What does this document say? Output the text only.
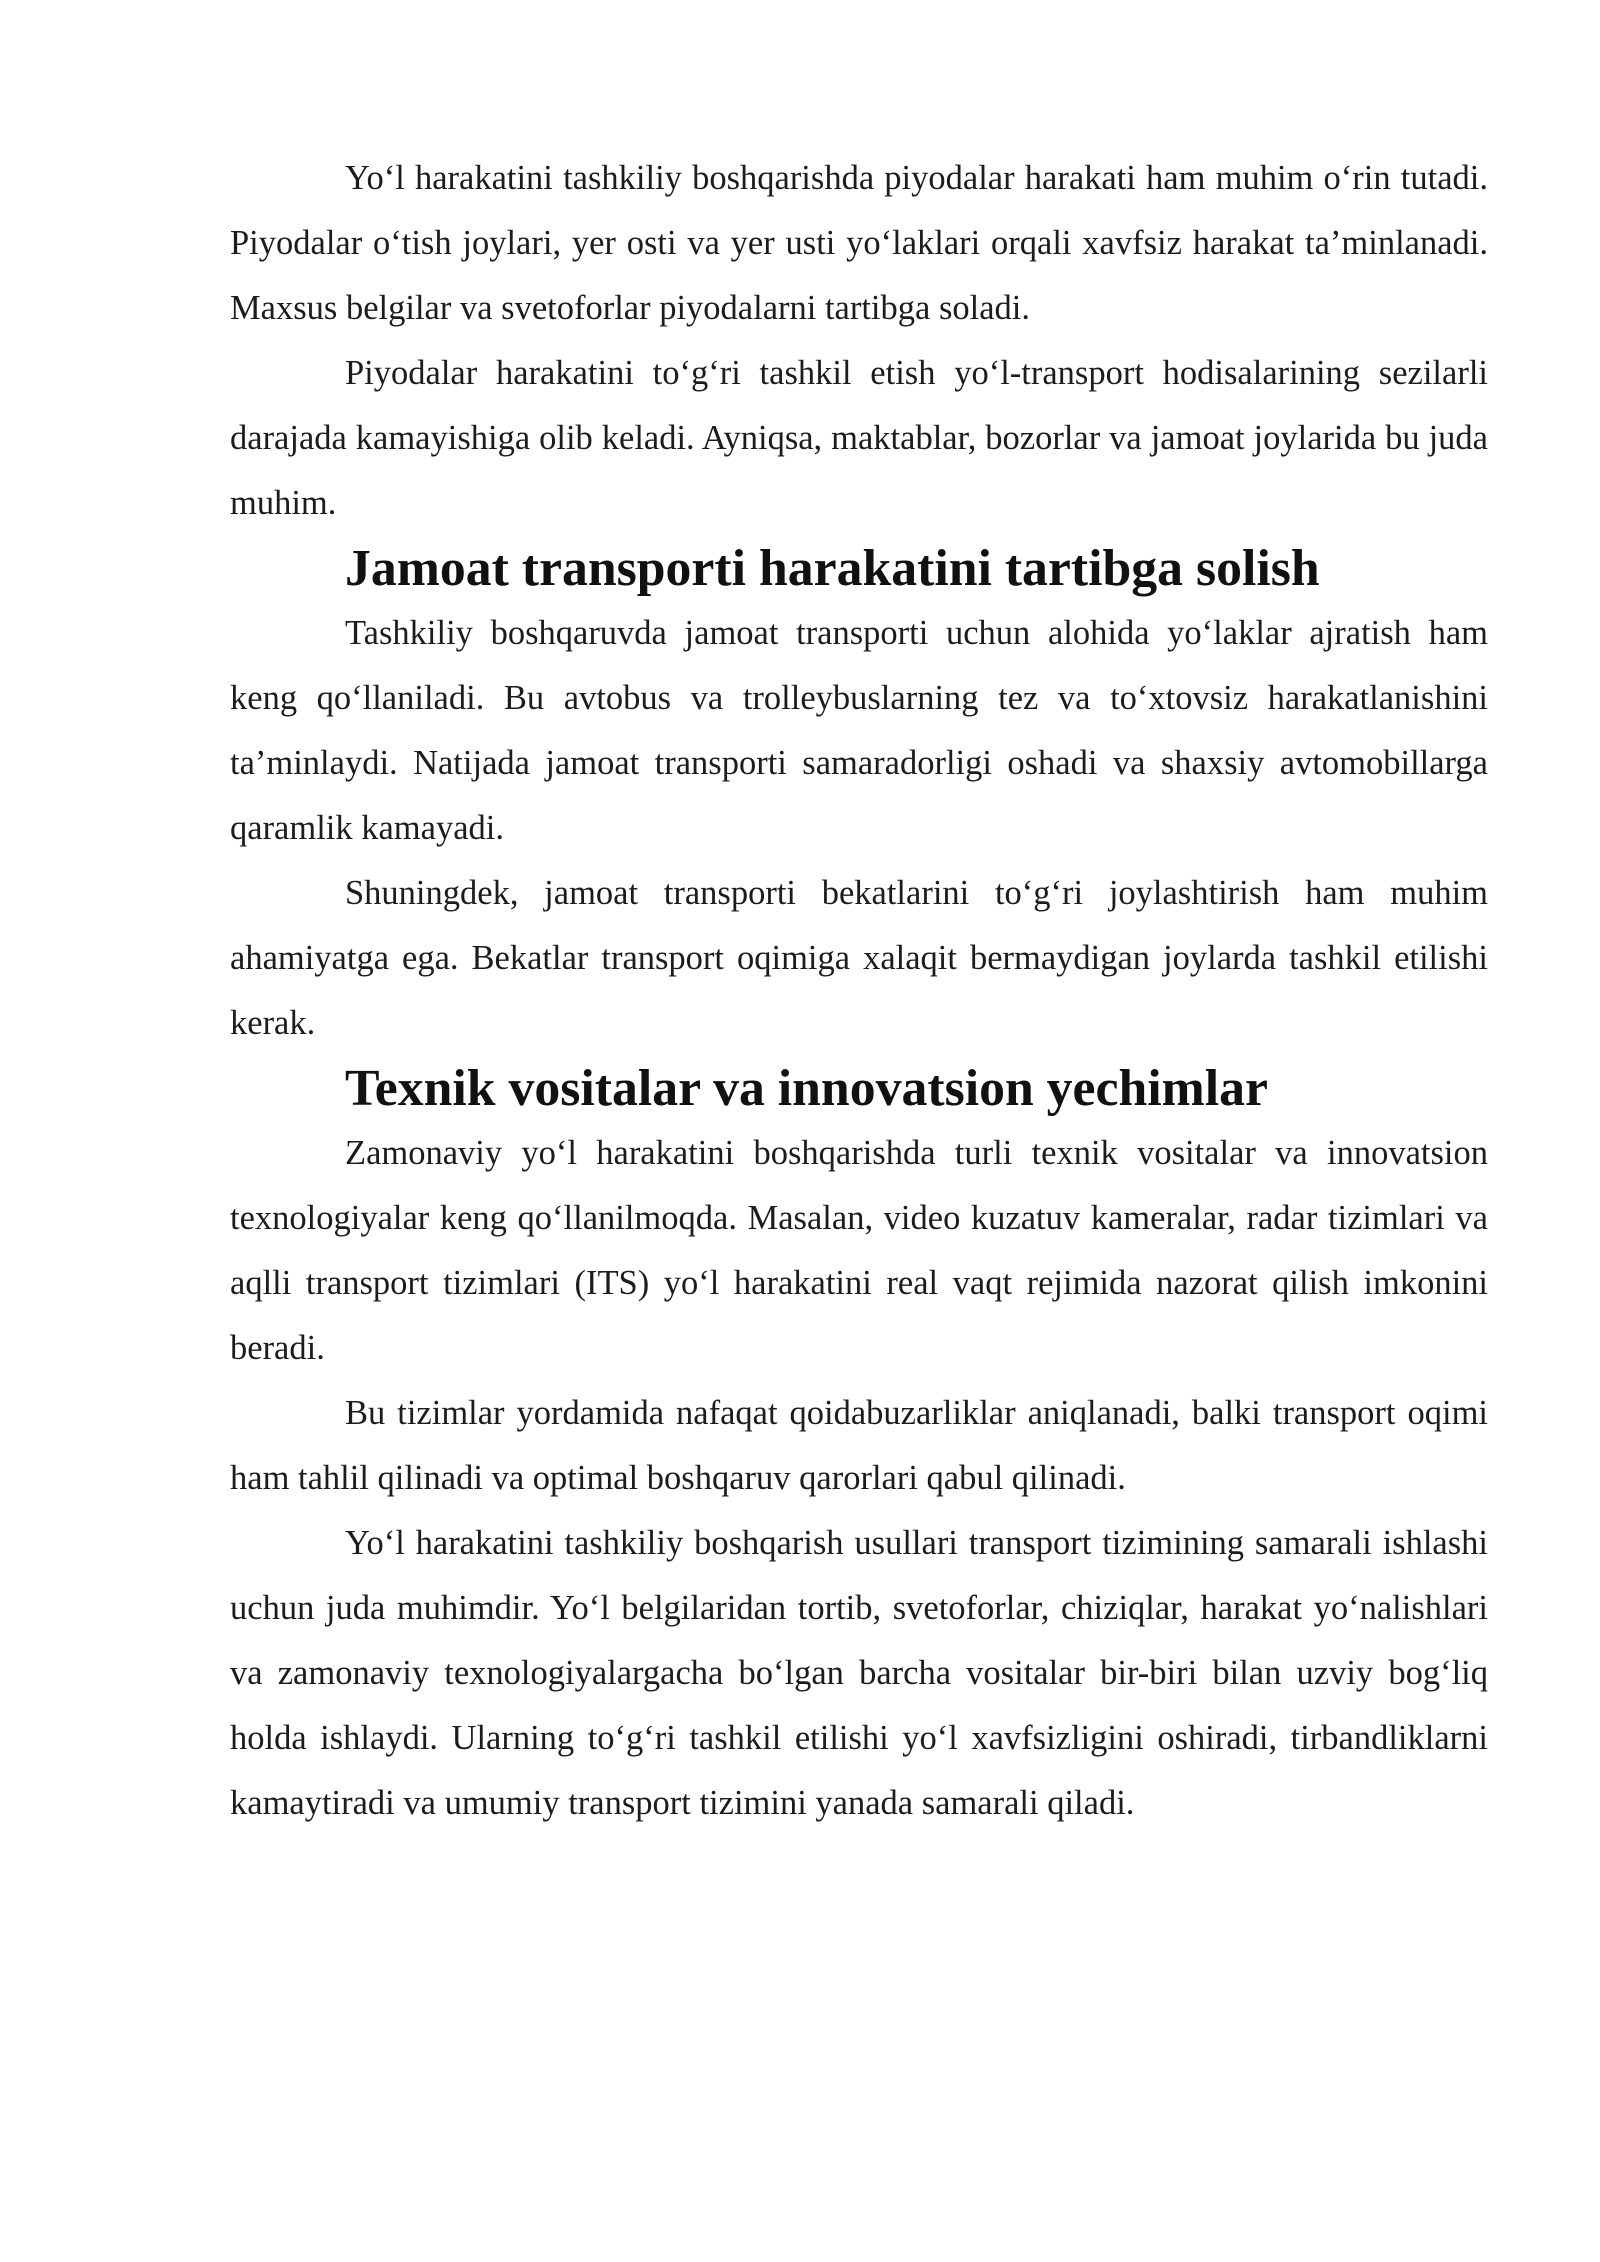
Yo‘l harakatini tashkiliy boshqarishda piyodalar harakati ham muhim o‘rin tutadi. Piyodalar o‘tish joylari, yer osti va yer usti yo‘laklari orqali xavfsiz harakat ta’minlanadi. Maxsus belgilar va svetoforlar piyodalarni tartibga soladi.

Piyodalar harakatini to‘g‘ri tashkil etish yo‘l-transport hodisalarining sezilarli darajada kamayishiga olib keladi. Ayniqsa, maktablar, bozorlar va jamoat joylarida bu juda muhim.

Jamoat transporti harakatini tartibga solish

Tashkiliy boshqaruvda jamoat transporti uchun alohida yo‘laklar ajratish ham keng qo‘llaniladi. Bu avtobus va trolleybuslarning tez va to‘xtovsiz harakatlanishini ta’minlaydi. Natijada jamoat transporti samaradorligi oshadi va shaxsiy avtomobillarga qaramlik kamayadi.

Shuningdek, jamoat transporti bekatlarini to‘g‘ri joylashtirish ham muhim ahamiyatga ega. Bekatlar transport oqimiga xalaqit bermaydigan joylarda tashkil etilishi kerak.

Texnik vositalar va innovatsion yechimlar

Zamonaviy yo‘l harakatini boshqarishda turli texnik vositalar va innovatsion texnologiyalar keng qo‘llanilmoqda. Masalan, video kuzatuv kameralar, radar tizimlari va aqlli transport tizimlari (ITS) yo‘l harakatini real vaqt rejimida nazorat qilish imkonini beradi.

Bu tizimlar yordamida nafaqat qoidabuzarliklar aniqlanadi, balki transport oqimi ham tahlil qilinadi va optimal boshqaruv qarorlari qabul qilinadi.

Yo‘l harakatini tashkiliy boshqarish usullari transport tizimining samarali ishlashi uchun juda muhimdir. Yo‘l belgilaridan tortib, svetoforlar, chiziqlar, harakat yo‘nalishlari va zamonaviy texnologiyalargacha bo‘lgan barcha vositalar bir-biri bilan uzviy bog‘liq holda ishlaydi. Ularning to‘g‘ri tashkil etilishi yo‘l xavfsizligini oshiradi, tirbandliklarni kamaytiradi va umumiy transport tizimini yanada samarali qiladi.
